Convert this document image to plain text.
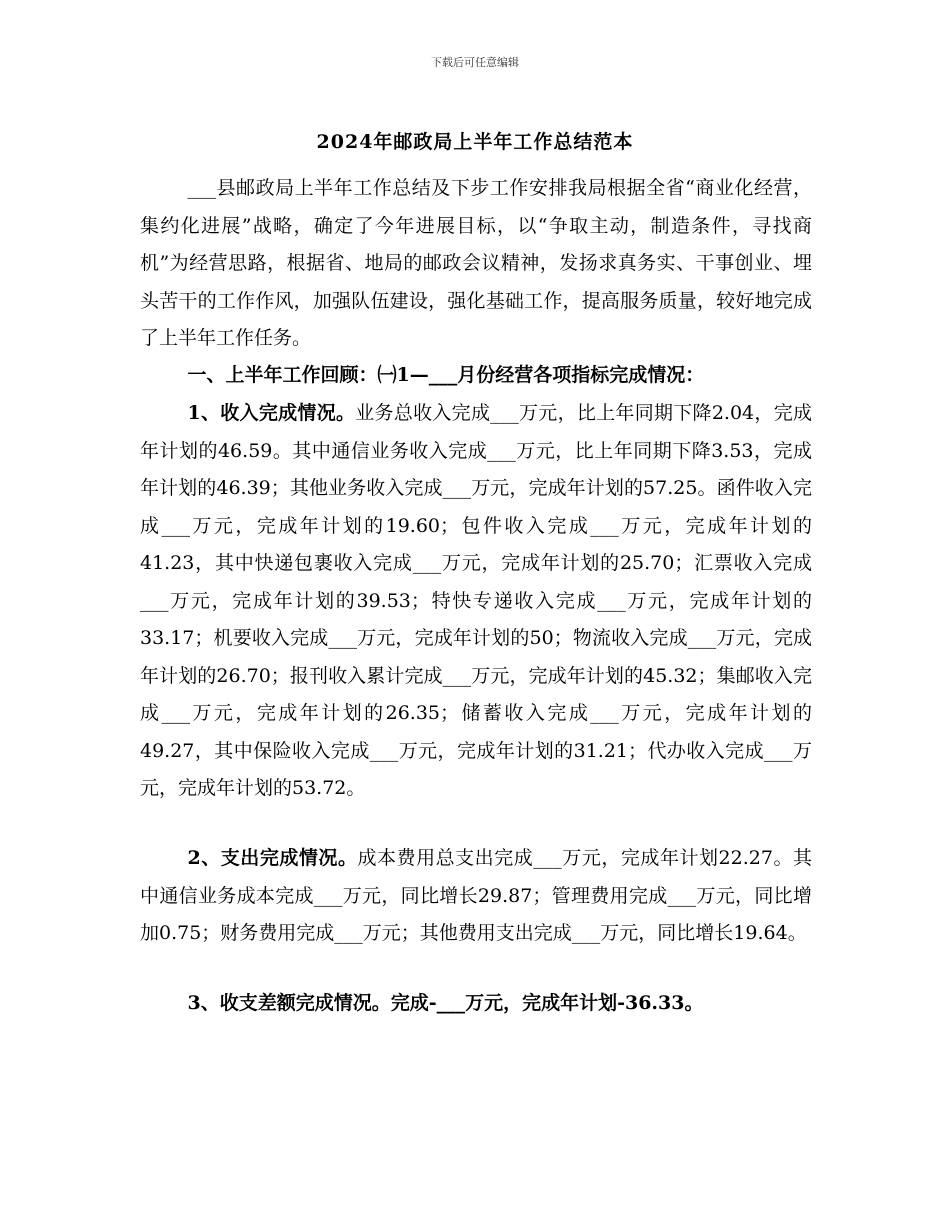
下载后可任意编辑
2024年邮政局上半年工作总结范本

___县邮政局上半年工作总结及下步工作安排我局根据全省“商业化经营，集约化进展”战略，确定了今年进展目标，以“争取主动，制造条件，寻找商机”为经营思路，根据省、地局的邮政会议精神，发扬求真务实、干事创业、埋头苦干的工作作风，加强队伍建设，强化基础工作，提高服务质量，较好地完成了上半年工作任务。

一、上半年工作回顾：㈠1—___月份经营各项指标完成情况：

1、收入完成情况。业务总收入完成___万元，比上年同期下降2.04，完成年计划的46.59。其中通信业务收入完成___万元，比上年同期下降3.53，完成年计划的46.39；其他业务收入完成___万元，完成年计划的57.25。函件收入完成___万元，完成年计划的19.60；包件收入完成___万元，完成年计划的41.23，其中快递包裹收入完成___万元，完成年计划的25.70；汇票收入完成___万元，完成年计划的39.53；特快专递收入完成___万元，完成年计划的33.17；机要收入完成___万元，完成年计划的50；物流收入完成___万元，完成年计划的26.70；报刊收入累计完成___万元，完成年计划的45.32；集邮收入完成___万元，完成年计划的26.35；储蓄收入完成___万元，完成年计划的49.27，其中保险收入完成___万元，完成年计划的31.21；代办收入完成___万元，完成年计划的53.72。

2、支出完成情况。成本费用总支出完成___万元，完成年计划22.27。其中通信业务成本完成___万元，同比增长29.87；管理费用完成___万元，同比增加0.75；财务费用完成___万元；其他费用支出完成___万元，同比增长19.64。

3、收支差额完成情况。完成-___万元，完成年计划-36.33。
